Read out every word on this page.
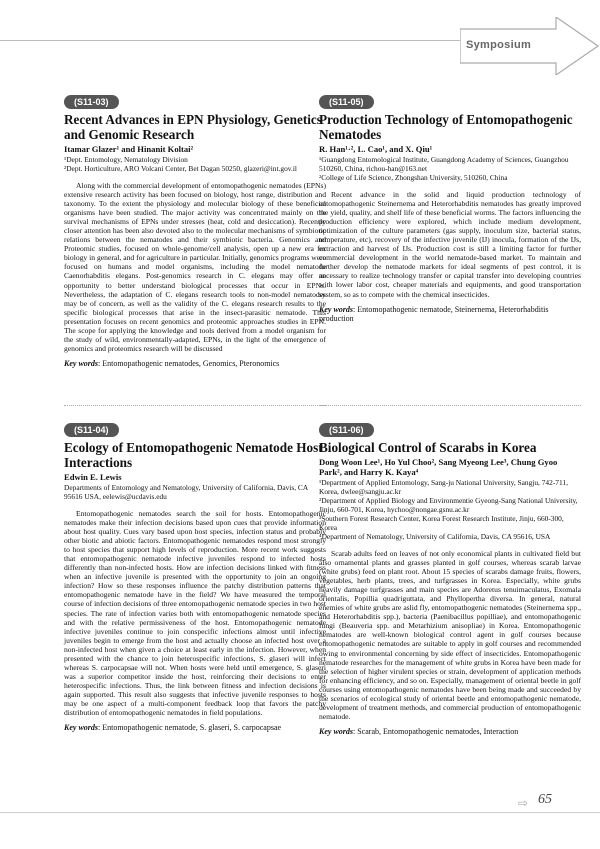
Symposium
(S11-03)
Recent Advances in EPN Physiology, Genetics and Genomic Research
Itamar Glazer¹ and Hinanit Koltai²

¹Dept. Entomology, Nematology Division

²Dept. Horticulture, ARO Volcani Center, Bet Dagan 50250, glazeri@int.gov.il

Along with the commercial development of entomopathogenic nematodes (EPNs) extensive research activity has been focused on biology, host range, distribution and taxonomy. To the extent the physiology and molecular biology of these beneficial organisms have been studied. The major activity was concentrated mainly on the survival mechanisms of EPNs under stresses (heat, cold and desiccation). Recently closer attention has been also devoted also to the molecular mechanisms of symbiotic relations between the nematodes and their symbiotic bacteria. Genomics and Proteomic studies, focused on whole-genome/cell analysis, open up a new era for biology in general, and for agriculture in particular. Initially, genomics programs were focused on humans and model organisms, including the model nematode Caenorhabditis elegans. Post-genomics research in C. elegans may offer an opportunity to better understand biological processes that occur in EPNs. Nevertheless, the adaptation of C. elegans research tools to non-model nematodes may be of concern, as well as the validity of the C. elegans research results to the specific biological processes that arise in the insect-parasitic nematode. This presentation focuses on recent genomics and proteomic approaches studies in EPN. The scope for applying the knowledge and tools derived from a model organism for the study of wild, environmentally-adapted, EPNs, in the light of the emergence of genomics and proteomics research will be discussed

Key words: Entomopathogenic nematodes, Genomics, Pteronomics
(S11-05)
Production Technology of Entomopathogenic Nematodes
R. Han¹·², L. Cao¹, and X. Qiu¹

¹Guangdong Entomological Institute, Guangdong Academy of Sciences, Guangzhou 510260, China, richou-han@163.net

²College of Life Science, Zhongshan University, 510260, China

Recent advance in the solid and liquid production technology of entomopathogenic Steinernema and Heterorhabditis nematodes has greatly improved the yield, quality, and shelf life of these beneficial worms. The factors influencing the production efficiency were explored, which include medium development, optimization of the culture parameters (gas supply, inoculum size, bacterial status, temperature, etc), recovery of the infective juvenile (IJ) inocula, formation of the IJs, extraction and harvest of IJs. Production cost is still a limiting factor for further commercial development in the world nematode-based market. To maintain and further develop the nematode markets for ideal segments of pest control, it is necessary to realize technology transfer or capital transfer into developing countries with lower labor cost, cheaper materials and equipments, and good transportation system, so as to compete with the chemical insecticides.

Key words: Entomopathogenic nematode, Steinernema, Heterorhabditis production
(S11-04)
Ecology of Entomopathogenic Nematode Host Interactions
Edwin E. Lewis

Departments of Entomology and Nematology, University of California, Davis, CA 95616 USA, eelewis@ucdavis.edu

Entomopathogenic nematodes search the soil for hosts. Entomopathogenic nematodes make their infection decisions based upon cues that provide information about host quality. Cues vary based upon host species, infection status and probably other biotic and abiotic factors. Entomopathogenic nematodes respond most strongly to host species that support high levels of reproduction. More recent work suggests that entomopathogenic nematode infective juveniles respond to infected hosts differently than non-infected hosts. How are infection decisions linked with fitness when an infective juvenile is presented with the opportunity to join an ongoing infection? How so these responses influence the patchy distribution patterns that entomopathogenic nematode have in the field? We have measured the temporal course of infection decisions of three entomopathogenic nematode species in two host species. The rate of infection varies both with entomopathogenic nematode species and with the relative permissiveness of the host. Entomopathogenic nematode infective juveniles continue to join conspecific infections almost until infective juveniles begin to emerge from the host and actually choose an infected host over a non-infected host when given a choice at least early in the infection. However, when presented with the chance to join heterospecific infections, S. glaseri will infect whereas S. carpocapsae will not. When hosts were held until emergence, S. glaseri was a superior competitor inside the host, reinforcing their decisions to enter heterospecific infections. Thus, the link between fitness and infection decisions is again supported. This result also suggests that infective juvenile responses to hosts may be one aspect of a multi-component feedback loop that favors the patchy distribution of entomopathogenic nematodes in field populations.

Key words: Entomopathogenic nematode, S. glaseri, S. carpocapsae
(S11-06)
Biological Control of Scarabs in Korea
Dong Woon Lee¹, Ho Yul Choo², Sang Myeong Lee³, Chung Gyoo Park², and Harry K. Kaya⁴

¹Department of Applied Entomology, Sang-ju National University, Sangju, 742-711, Korea, dwlee@sangju.ac.kr

²Department of Applied Biology and Environmentie Gyeong-Sang National University, Jinju, 660-701, Korea, hychoo@nongae.gsnu.ac.kr

³Southern Forest Research Center, Korea Forest Research Institute, Jinju, 660-300, Korea

⁴Department of Nematology, University of California, Davis, CA 95616, USA

Scarab adults feed on leaves of not only economical plants in cultivated field but also ornamental plants and grasses planted in golf courses, whereas scarab larvae (white grubs) feed on plant root. About 15 species of scarabs damage fruits, flowers, vegetables, herb plants, trees, and turfgrasses in Korea. Especially, white grubs heavily damage turfgrasses and main species are Adoretus tenuimaculatus, Exomala orientalis, Popillia quadriguttata, and Phyllopertha diversa. In general, natural enemies of white grubs are aslid fly, entomopathogenic nematodes (Steinernema spp., and Heterorhabditis spp.), bacteria (Paenibacillus popilliae), and entomopathogenic fungi (Beauveria spp. and Metarhizium anisopliae) in Korea. Entomopathogenic nematodes are well-known biological control agent in golf courses because entomopathogenic nematodes are suitable to apply in golf courses and recommended owing to environmental concerning by side effect of insecticides. Entomopathogenic nematode researches for the management of white grubs in Korea have been made for the selection of higher virulent species or strain, development of application methods for enhancing efficiency, and so on. Especially, management of oriental beetle in golf courses using entomopathogenic nematodes have been being made and succeeded by the scenarios of ecological study of oriental beetle and entomopathogenic nematode, development of treatment methods, and commercial production of entomopathogenic nematode.

Key words: Scarab, Entomopathogenic nematodes, Interaction
⇨ 65
